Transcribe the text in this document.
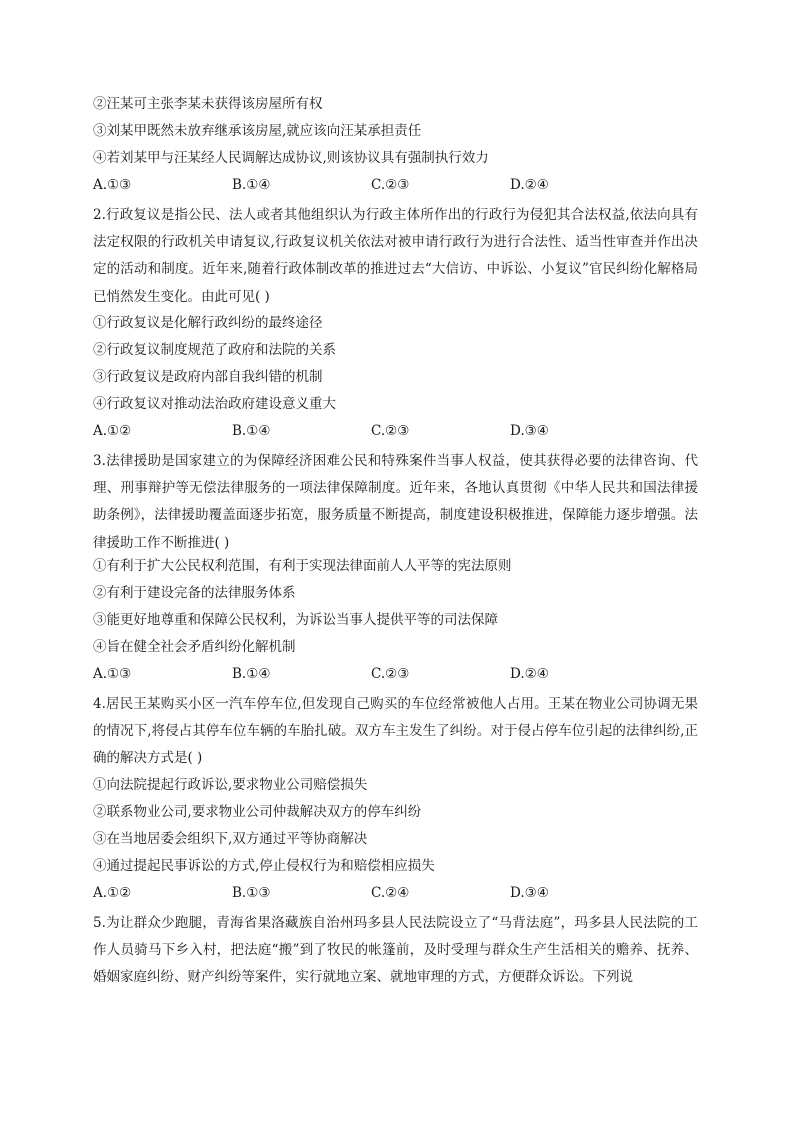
②汪某可主张李某未获得该房屋所有权
③刘某甲既然未放弃继承该房屋,就应该向汪某承担责任
④若刘某甲与汪某经人民调解达成协议,则该协议具有强制执行效力
A.①③	B.①④	C.②③	D.②④
2.行政复议是指公民、法人或者其他组织认为行政主体所作出的行政行为侵犯其合法权益,依法向具有法定权限的行政机关申请复议,行政复议机关依法对被申请行政行为进行合法性、适当性审查并作出决定的活动和制度。近年来,随着行政体制改革的推进过去“大信访、中诉讼、小复议”官民纠纷化解格局已悄然发生变化。由此可见( )
①行政复议是化解行政纠纷的最终途径
②行政复议制度规范了政府和法院的关系
③行政复议是政府内部自我纠错的机制
④行政复议对推动法治政府建设意义重大
A.①②	B.①④	C.②③	D.③④
3.法律援助是国家建立的为保障经济困难公民和特殊案件当事人权益，使其获得必要的法律咨询、代理、刑事辩护等无偿法律服务的一项法律保障制度。近年来，各地认真贯彻《中华人民共和国法律援助条例》，法律援助覆盖面逐步拓宽，服务质量不断提高，制度建设积极推进，保障能力逐步增强。法律援助工作不断推进( )
①有利于扩大公民权利范围，有利于实现法律面前人人平等的宪法原则
②有利于建设完备的法律服务体系
③能更好地尊重和保障公民权利，为诉讼当事人提供平等的司法保障
④旨在健全社会矛盾纠纷化解机制
A.①③	B.①④	C.②③	D.②④
4.居民王某购买小区一汽车停车位,但发现自己购买的车位经常被他人占用。王某在物业公司协调无果的情况下,将侵占其停车位车辆的车胎扎破。双方车主发生了纠纷。对于侵占停车位引起的法律纠纷,正确的解决方式是( )
①向法院提起行政诉讼,要求物业公司赔偿损失
②联系物业公司,要求物业公司仲裁解决双方的停车纠纷
③在当地居委会组织下,双方通过平等协商解决
④通过提起民事诉讼的方式,停止侵权行为和赔偿相应损失
A.①②	B.①③	C.②④	D.③④
5.为让群众少跑腿，青海省果洛藏族自治州玛多县人民法院设立了“马背法庭”，玛多县人民法院的工作人员骑马下乡入村，把法庭“搬”到了牧民的帐篷前，及时受理与群众生产生活相关的赡养、抚养、婚姻家庭纠纷、财产纠纷等案件，实行就地立案、就地审理的方式，方便群众诉讼。下列说
